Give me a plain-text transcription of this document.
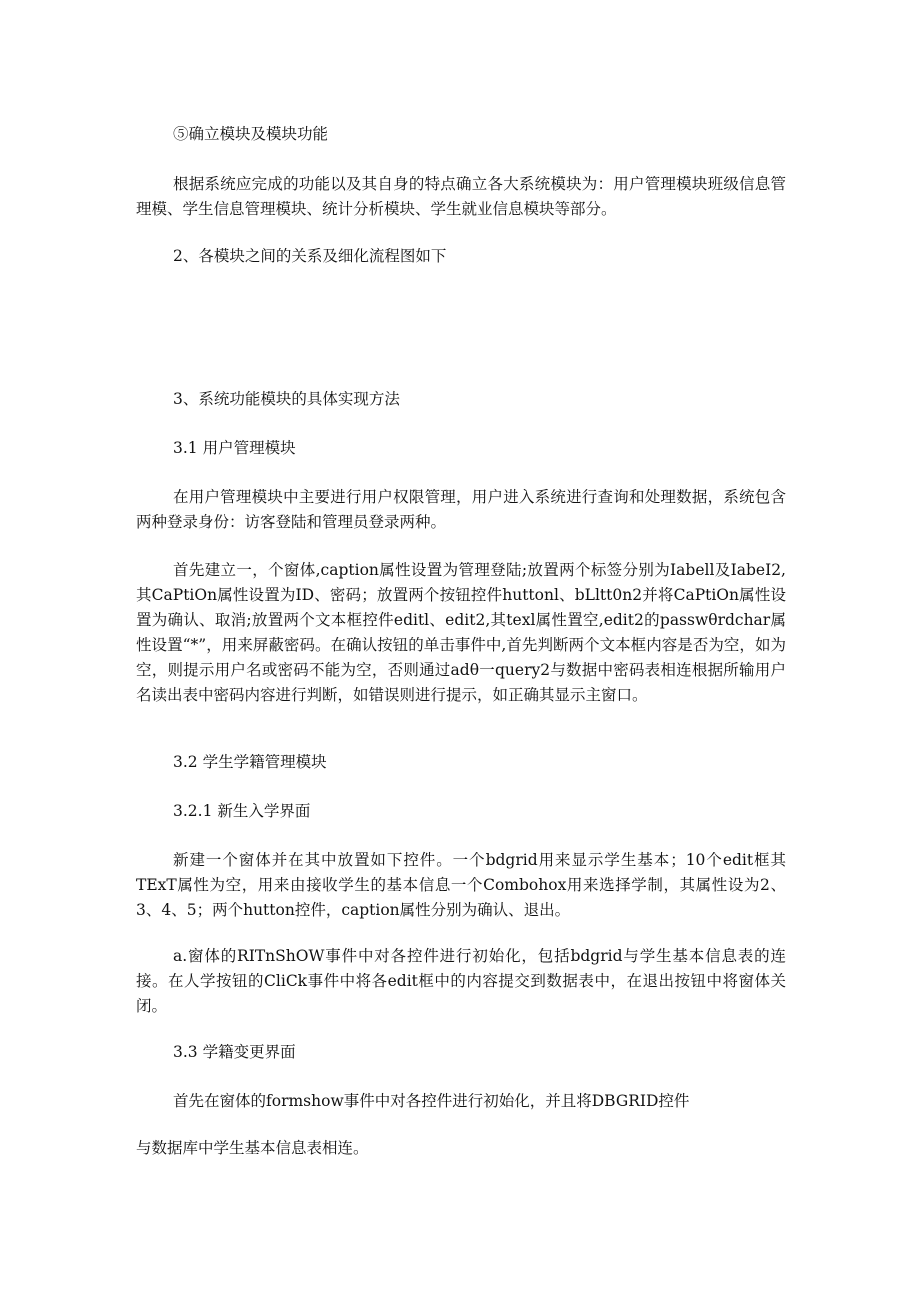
⑤确立模块及模块功能

根据系统应完成的功能以及其自身的特点确立各大系统模块为：用户管理模块班级信息管理模、学生信息管理模块、统计分析模块、学生就业信息模块等部分。

2、各模块之间的关系及细化流程图如下

3、系统功能模块的具体实现方法

3.1 用户管理模块

在用户管理模块中主要进行用户权限管理，用户进入系统进行查询和处理数据，系统包含两种登录身份：访客登陆和管理员登录两种。

首先建立一，个窗体,caption属性设置为管理登陆;放置两个标签分别为Iabell及IabeI2,其CaPtiOn属性设置为ID、密码；放置两个按钮控件huttonl、bLltt0n2并将CaPtiOn属性设置为确认、取消;放置两个文本框控件editl、edit2,其texl属性置空,edit2的passwθrdchar属性设置“*”，用来屏蔽密码。在确认按钮的单击事件中,首先判断两个文本框内容是否为空，如为空，则提示用户名或密码不能为空，否则通过adθ一query2与数据中密码表相连根据所输用户名读出表中密码内容进行判断，如错误则进行提示，如正确其显示主窗口。

3.2 学生学籍管理模块

3.2.1 新生入学界面

新建一个窗体并在其中放置如下控件。一个bdgrid用来显示学生基本；10个edit框其TExT属性为空，用来由接收学生的基本信息一个Combohox用来选择学制，其属性设为2、3、4、5；两个hutton控件，caption属性分别为确认、退出。

a.窗体的RITnShOW事件中对各控件进行初始化，包括bdgrid与学生基本信息表的连接。在人学按钮的CliCk事件中将各edit框中的内容提交到数据表中，在退出按钮中将窗体关闭。

3.3 学籍变更界面

首先在窗体的formshow事件中对各控件进行初始化，并且将DBGRID控件

与数据库中学生基本信息表相连。
